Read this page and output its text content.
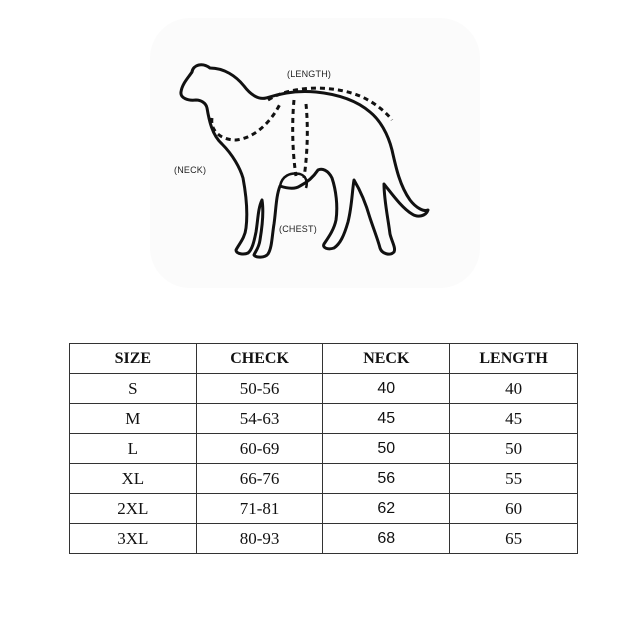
(LENGTH)
(NECK)
(CHEST)
SIZE	CHECK	NECK	LENGTH
S	50-56	40	40
M	54-63	45	45
L	60-69	50	50
XL	66-76	56	55
2XL	71-81	62	60
3XL	80-93	68	65
